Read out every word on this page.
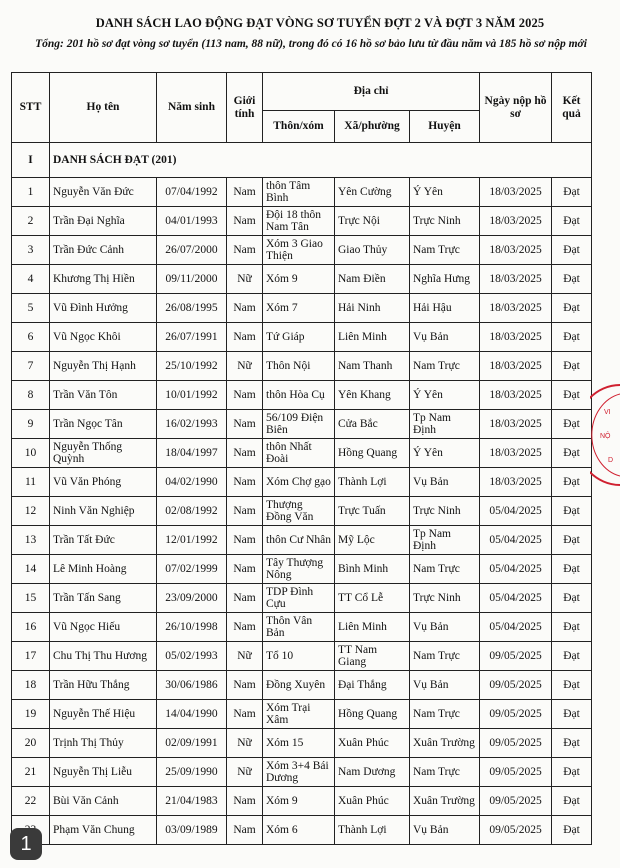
DANH SÁCH LAO ĐỘNG ĐẠT VÒNG SƠ TUYỂN ĐỢT 2 VÀ ĐỢT 3 NĂM 2025
Tổng: 201 hồ sơ đạt vòng sơ tuyển (113 nam, 88 nữ), trong đó có 16 hồ sơ bảo lưu từ đầu năm và 185 hồ sơ nộp mới
STT	Họ tên	Năm sinh	Giới tính	Địa chỉ			Ngày nộp hồ sơ	Kết quả
				Thôn/xóm	Xã/phường	Huyện		
I	DANH SÁCH ĐẠT (201)							
1	Nguyễn Văn Đức	07/04/1992	Nam	thôn Tâm Bình	Yên Cường	Ý Yên	18/03/2025	Đạt
2	Trần Đại Nghĩa	04/01/1993	Nam	Đội 18 thôn Nam Tân	Trực Nội	Trực Ninh	18/03/2025	Đạt
3	Trần Đức Cảnh	26/07/2000	Nam	Xóm 3 Giao Thiện	Giao Thủy	Nam Trực	18/03/2025	Đạt
4	Khương Thị Hiền	09/11/2000	Nữ	Xóm 9	Nam Điền	Nghĩa Hưng	18/03/2025	Đạt
5	Vũ Đình Hưởng	26/08/1995	Nam	Xóm 7	Hải Ninh	Hải Hậu	18/03/2025	Đạt
6	Vũ Ngọc Khôi	26/07/1991	Nam	Tứ Giáp	Liên Minh	Vụ Bản	18/03/2025	Đạt
7	Nguyễn Thị Hạnh	25/10/1992	Nữ	Thôn Nội	Nam Thanh	Nam Trực	18/03/2025	Đạt
8	Trần Văn Tôn	10/01/1992	Nam	thôn Hòa Cụ	Yên Khang	Ý Yên	18/03/2025	Đạt
9	Trần Ngọc Tân	16/02/1993	Nam	56/109 Điện Biên	Cửa Bắc	Tp Nam Định	18/03/2025	Đạt
10	Nguyễn Thống Quỳnh	18/04/1997	Nam	thôn Nhất Đoài	Hồng Quang	Ý Yên	18/03/2025	Đạt
11	Vũ Văn Phóng	04/02/1990	Nam	Xóm Chợ gạo	Thành Lợi	Vụ Bản	18/03/2025	Đạt
12	Ninh Văn Nghiệp	02/08/1992	Nam	Thượng Đồng Văn	Trực Tuấn	Trực Ninh	05/04/2025	Đạt
13	Trần Tất Đức	12/01/1992	Nam	thôn Cư Nhân	Mỹ Lộc	Tp Nam Định	05/04/2025	Đạt
14	Lê Minh Hoàng	07/02/1999	Nam	Tây Thượng Nông	Bình Minh	Nam Trực	05/04/2025	Đạt
15	Trần Tấn Sang	23/09/2000	Nam	TDP Đình Cựu	TT Cổ Lễ	Trực Ninh	05/04/2025	Đạt
16	Vũ Ngọc Hiếu	26/10/1998	Nam	Thôn Vân Bản	Liên Minh	Vụ Bản	05/04/2025	Đạt
17	Chu Thị Thu Hương	05/02/1993	Nữ	Tổ 10	TT Nam Giang	Nam Trực	09/05/2025	Đạt
18	Trần Hữu Thắng	30/06/1986	Nam	Đồng Xuyên	Đại Thắng	Vụ Bản	09/05/2025	Đạt
19	Nguyễn Thế Hiệu	14/04/1990	Nam	Xóm Trại Xâm	Hồng Quang	Nam Trực	09/05/2025	Đạt
20	Trịnh Thị Thủy	02/09/1991	Nữ	Xóm 15	Xuân Phúc	Xuân Trường	09/05/2025	Đạt
21	Nguyễn Thị Liễu	25/09/1990	Nữ	Xóm 3+4 Bái Dương	Nam Dương	Nam Trực	09/05/2025	Đạt
22	Bùi Văn Cảnh	21/04/1983	Nam	Xóm 9	Xuân Phúc	Xuân Trường	09/05/2025	Đạt
	Phạm Văn Chung	03/09/1989	Nam	Xóm 6	Thành Lợi	Vụ Bản	09/05/2025	Đạt
VI
NỘ
D
1
